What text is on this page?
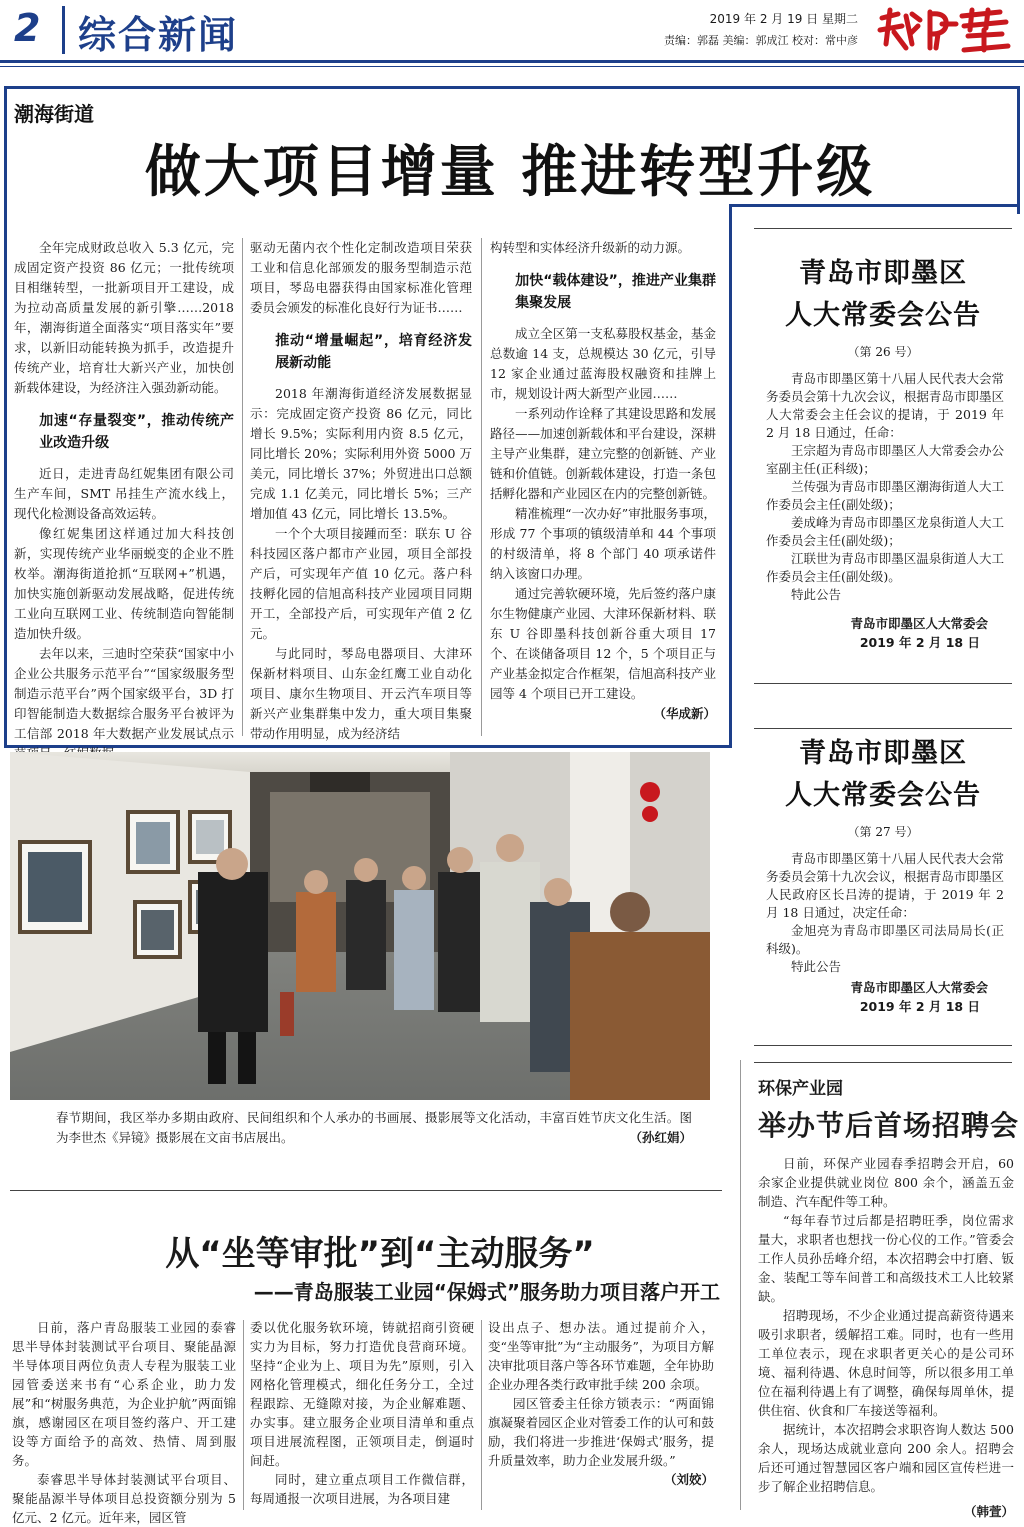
2 综合新闻	2019 年 2 月 19 日 星期二
责编：郭磊 美编：郭成江 校对：常中彦
潮海街道
做大项目增量 推进转型升级

全年完成财政总收入 5.3 亿元，完成固定资产投资 86 亿元；一批传统项目相继转型，一批新项目开工建设，成为拉动高质量发展的新引擎……2018 年，潮海街道全面落实“项目落实年”要求，以新旧动能转换为抓手，改造提升传统产业，培育壮大新兴产业，加快创新载体建设，为经济注入强劲新动能。

加速“存量裂变”，推动传统产业改造升级

近日，走进青岛红妮集团有限公司生产车间，SMT 吊挂生产流水线上，现代化检测设备高效运转。

像红妮集团这样通过加大科技创新，实现传统产业华丽蜕变的企业不胜枚举。潮海街道抢抓“互联网+”机遇，加快实施创新驱动发展战略，促进传统工业向互联网工业、传统制造向智能制造加快升级。

去年以来，三迪时空荣获“国家中小企业公共服务示范平台”“国家级服务型制造示范平台”两个国家级平台，3D 打印智能制造大数据综合服务平台被评为工信部 2018 年大数据产业发展试点示

驱动无菌内衣个性化定制改造项目荣获工业和信息化部颁发的服务型制造示范项目，琴岛电器获得由国家标准化管理委员会颁发的标准化良好行为证书……

推动“增量崛起”，培育经济发展新动能

2018 年潮海街道经济发展数据显示：完成固定资产投资 86 亿元，同比增长 9.5%；实际利用内资 8.5 亿元，同比增长 20%；实际利用外资 5000 万美元，同比增长 37%；外贸进出口总额完成 1.1 亿美元，同比增长 5%；三产增加值 43 亿元，同比增长 13.5%。

一个个大项目接踵而至：联东 U 谷科技园区落户都市产业园，项目全部投产后，可实现年产值 10 亿元。落户科技孵化园的信旭高科技产业园项目同期开工，全部投产后，可实现年产值 2 亿元。

与此同时，琴岛电器项目、大津环保新材料项目、山东金红鹰工业自动化项目、康尔生物项目、开云汽车项目等新兴产业集群集中发力，重大项目集聚带动作用明显，成为经济结

构转型和实体经济升级新的动力源。

加快“载体建设”，推进产业集群集聚发展

成立全区第一支私募股权基金，基金总数逾 14 支，总规模达 30 亿元，引导 12 家企业通过蓝海股权融资和挂牌上市，规划设计两大新型产业园……

一系列动作诠释了其建设思路和发展路径——加速创新载体和平台建设，深耕主导产业集群，建立完整的创新链、产业链和价值链。创新载体建设，打造一条包括孵化器和产业园区在内的完整创新链。

精准梳理“一次办好”审批服务事项，形成 77 个事项的镇级清单和 44 个事项的村级清单，将 8 个部门 40 项承诺件纳入该窗口办理。

通过完善软硬环境，先后签约落户康尔生物健康产业园、大津环保新材料、联东 U 谷即墨科技创新谷重大项目 17 个、在谈储备项目 12 个，5 个项目正与产业基金拟定合作框架，信旭高科技产业园等 4 个项目已开工建设。

（华成新）
青岛市即墨区
人大常委会公告
（第 26 号）

青岛市即墨区第十八届人民代表大会常务委员会第十九次会议，根据青岛市即墨区人大常委会主任会议的提请，于 2019 年 2 月 18 日通过，任命：

王宗超为青岛市即墨区人大常委会办公室副主任(正科级)；

兰传强为青岛市即墨区潮海街道人大工作委员会主任(副处级)；

姜成峰为青岛市即墨区龙泉街道人大工作委员会主任(副处级)；

江联世为青岛市即墨区温泉街道人大工作委员会主任(副处级)。

特此公告

青岛市即墨区人大常委会
2019 年 2 月 18 日
青岛市即墨区
人大常委会公告
（第 27 号）

青岛市即墨区第十八届人民代表大会常务委员会第十九次会议，根据青岛市即墨区人民政府区长吕涛的提请，于 2019 年 2 月 18 日通过，决定任命：

金旭亮为青岛市即墨区司法局局长(正科级)。

特此公告

青岛市即墨区人大常委会
2019 年 2 月 18 日
春节期间，我区举办多期由政府、民间组织和个人承办的书画展、摄影展等文化活动，丰富百姓节庆文化生活。图为李世杰《异镜》摄影展在文亩书店展出。	（孙红娟）
环保产业园
举办节后首场招聘会

日前，环保产业园春季招聘会开启，60 余家企业提供就业岗位 800 余个，涵盖五金制造、汽车配件等工种。

“每年春节过后都是招聘旺季，岗位需求量大，求职者也想找一份心仪的工作。”管委会工作人员孙岳峰介绍，本次招聘会中打磨、钣金、装配工等车间普工和高级技术工人比较紧缺。

招聘现场，不少企业通过提高薪资待遇来吸引求职者，缓解招工难。同时，也有一些用工单位表示，现在求职者更关心的是公司环境、福利待遇、休息时间等，所以很多用工单位在福利待遇上有了调整，确保每周单休，提供住宿、伙食和厂车接送等福利。

据统计，本次招聘会求职咨询人数达 500 余人，现场达成就业意向 200 余人。招聘会后还可通过智慧园区客户端和园区宣传栏进一步了解企业招聘信息。

（韩萱）
从“坐等审批”到“主动服务”
——青岛服装工业园“保姆式”服务助力项目落户开工

日前，落户青岛服装工业园的泰睿思半导体封装测试平台项目、聚能晶源半导体项目两位负责人专程为服装工业园管委送来书有“心系企业，助力发展”和“树服务典范，为企业护航”两面锦旗，感谢园区在项目签约落户、开工建设等方面给予的高效、热情、周到服务。

泰睿思半导体封装测试平台项目、聚能晶源半导体项目总投资额分别为 5 亿元、2 亿元。近年来，园区管

委以优化服务软环境，铸就招商引资硬实力为目标，努力打造优良营商环境。坚持“企业为上、项目为先”原则，引入网格化管理模式，细化任务分工，全过程跟踪、无缝隙对接，为企业解难题、办实事。建立服务企业项目清单和重点项目进展流程图，正领项目走，倒逼时间赶。

同时，建立重点项目工作微信群，每周通报一次项目进展，为各项目建

设出点子、想办法。通过提前介入，变“坐等审批”为“主动服务”，为项目方解决审批项目落户等各环节难题，全年协助企业办理各类行政审批手续 200 余项。

园区管委主任徐方锁表示：“两面锦旗凝聚着园区企业对管委工作的认可和鼓励，我们将进一步推进‘保姆式’服务，提升质量效率，助力企业发展升级。”

（刘姣）
